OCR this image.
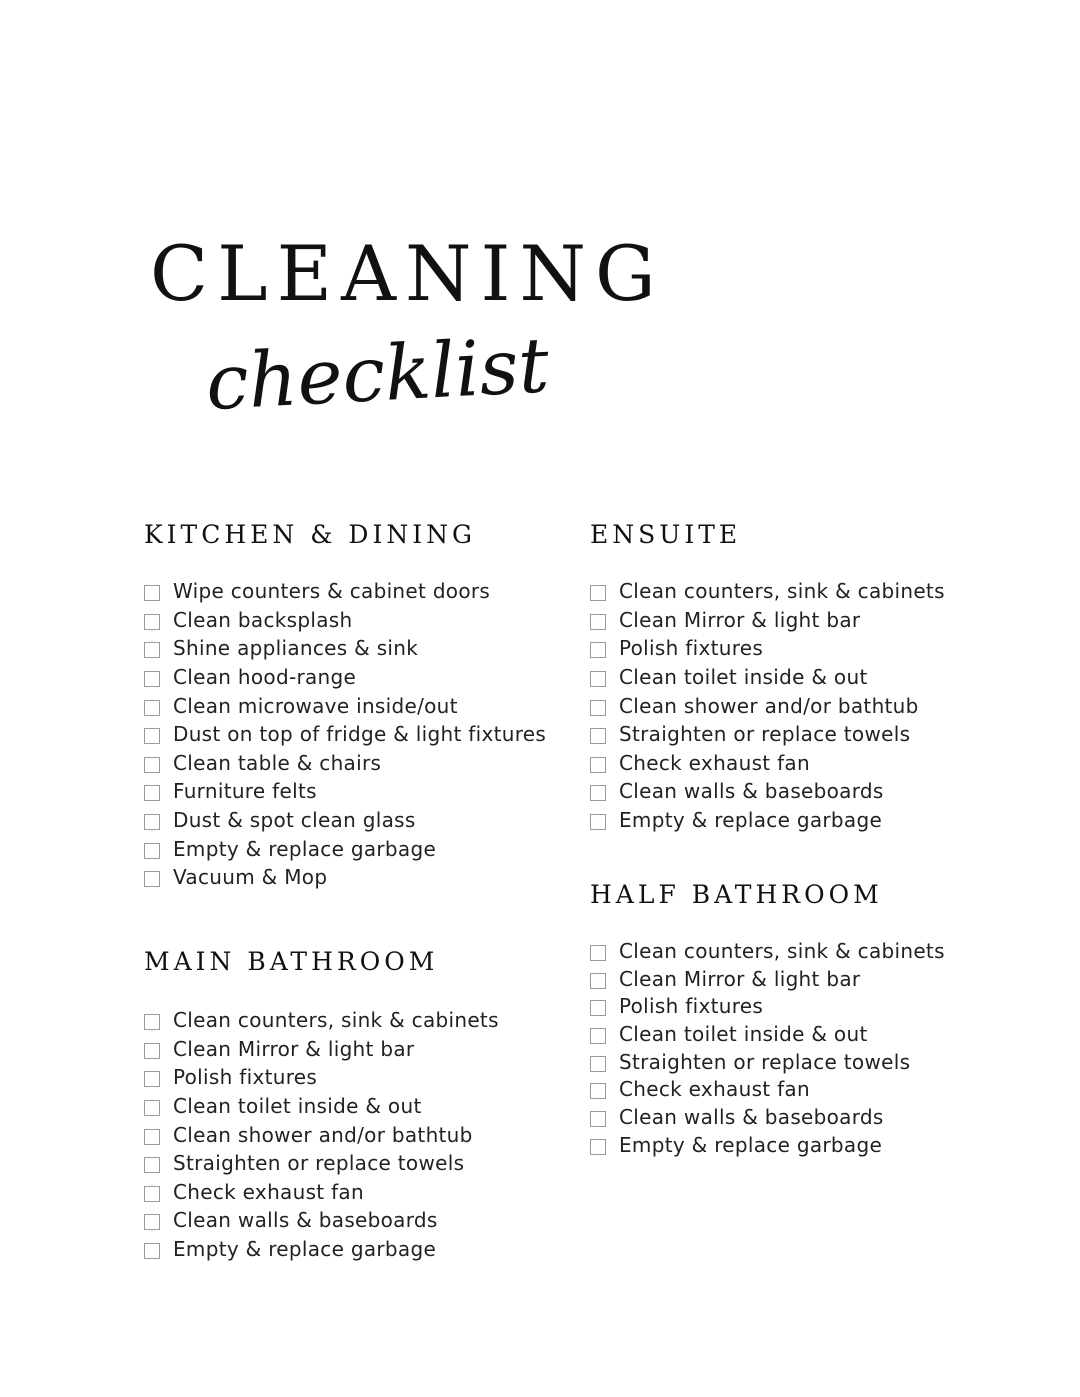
CLEANING
checklist
KITCHEN & DINING
Wipe counters & cabinet doors
Clean backsplash
Shine appliances & sink
Clean hood-range
Clean microwave inside/out
Dust on top of fridge & light fixtures
Clean table & chairs
Furniture felts
Dust & spot clean glass
Empty & replace garbage
Vacuum & Mop
MAIN BATHROOM
Clean counters, sink & cabinets
Clean Mirror & light bar
Polish fixtures
Clean toilet inside & out
Clean shower and/or bathtub
Straighten or replace towels
Check exhaust fan
Clean walls & baseboards
Empty & replace garbage
ENSUITE
Clean counters, sink & cabinets
Clean Mirror & light bar
Polish fixtures
Clean toilet inside & out
Clean shower and/or bathtub
Straighten or replace towels
Check exhaust fan
Clean walls & baseboards
Empty & replace garbage
HALF BATHROOM
Clean counters, sink & cabinets
Clean Mirror & light bar
Polish fixtures
Clean toilet inside & out
Straighten or replace towels
Check exhaust fan
Clean walls & baseboards
Empty & replace garbage
